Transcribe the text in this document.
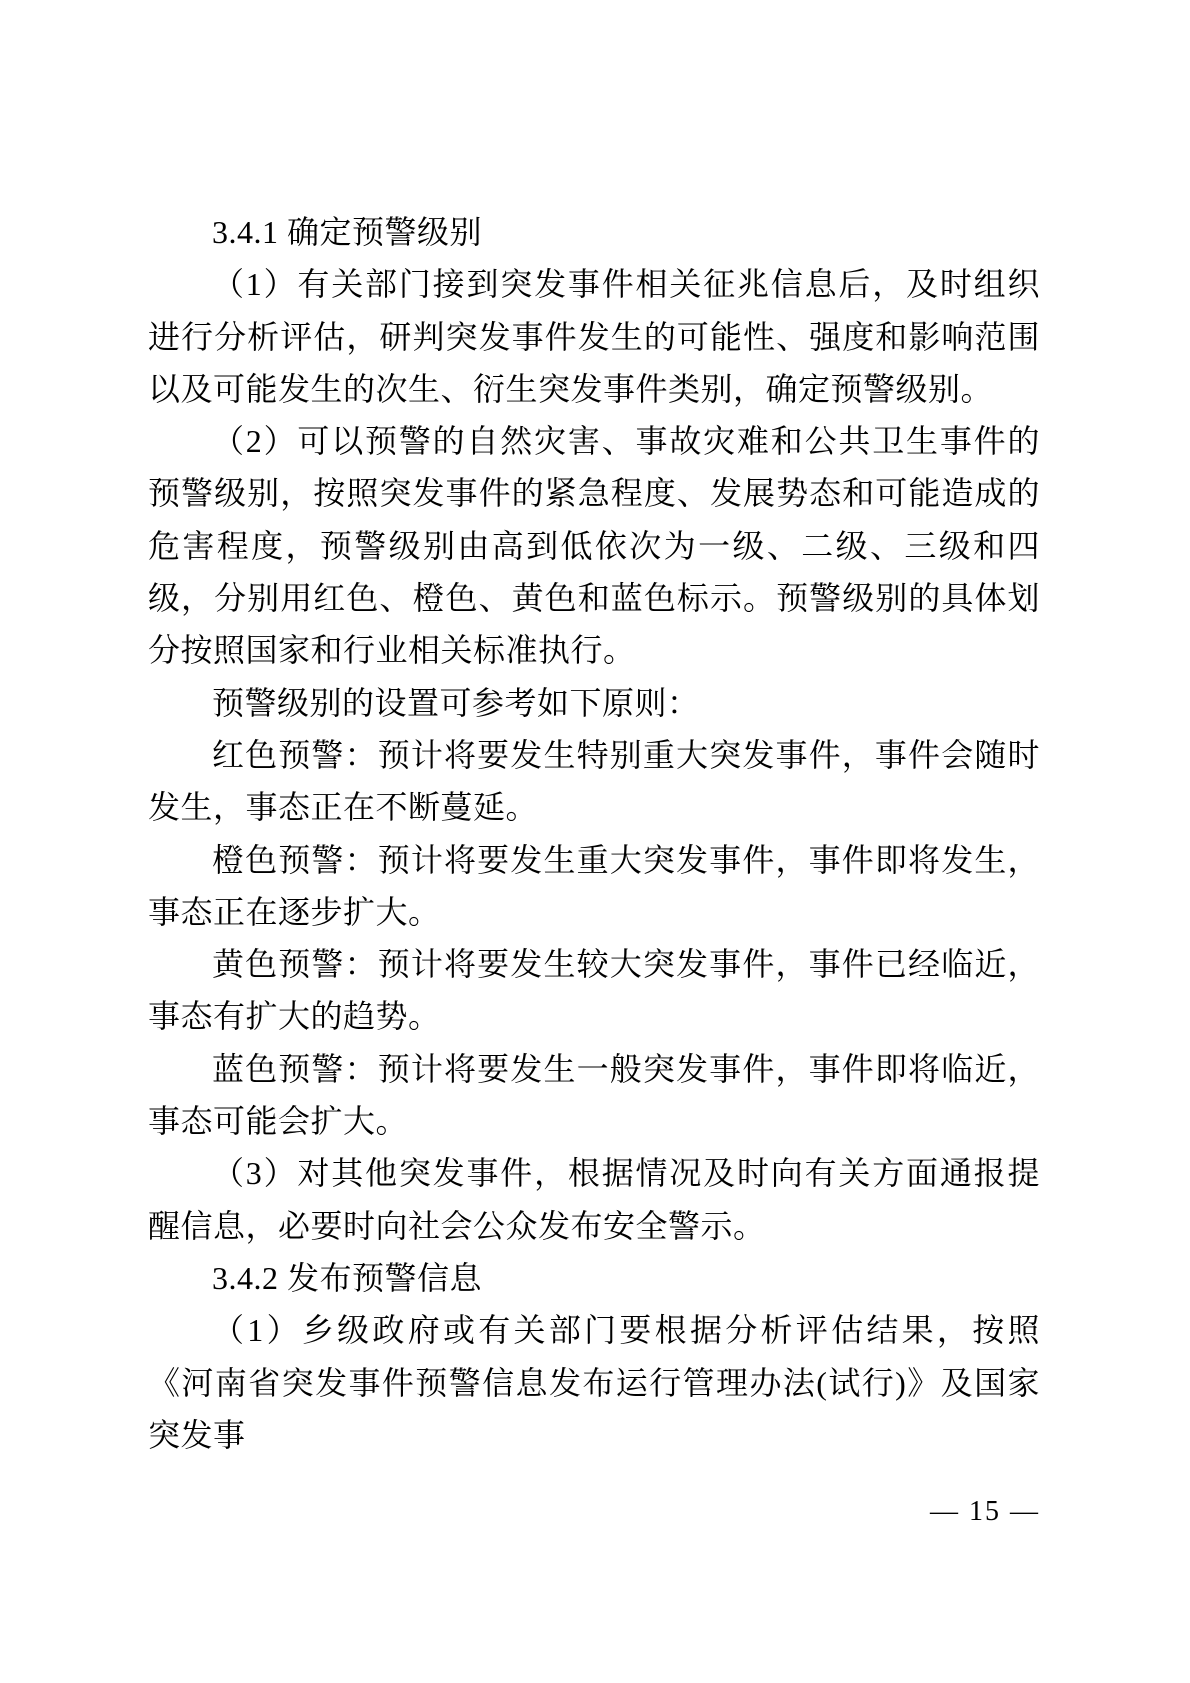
3.4.1 确定预警级别

（1）有关部门接到突发事件相关征兆信息后，及时组织进行分析评估，研判突发事件发生的可能性、强度和影响范围以及可能发生的次生、衍生突发事件类别，确定预警级别。

（2）可以预警的自然灾害、事故灾难和公共卫生事件的预警级别，按照突发事件的紧急程度、发展势态和可能造成的危害程度，预警级别由高到低依次为一级、二级、三级和四级，分别用红色、橙色、黄色和蓝色标示。预警级别的具体划分按照国家和行业相关标准执行。

预警级别的设置可参考如下原则：

红色预警：预计将要发生特别重大突发事件，事件会随时发生，事态正在不断蔓延。

橙色预警：预计将要发生重大突发事件，事件即将发生，事态正在逐步扩大。

黄色预警：预计将要发生较大突发事件，事件已经临近，事态有扩大的趋势。

蓝色预警：预计将要发生一般突发事件，事件即将临近，事态可能会扩大。

（3）对其他突发事件，根据情况及时向有关方面通报提醒信息，必要时向社会公众发布安全警示。

3.4.2 发布预警信息

（1）乡级政府或有关部门要根据分析评估结果，按照《河南省突发事件预警信息发布运行管理办法(试行)》及国家突发事

— 15 —
